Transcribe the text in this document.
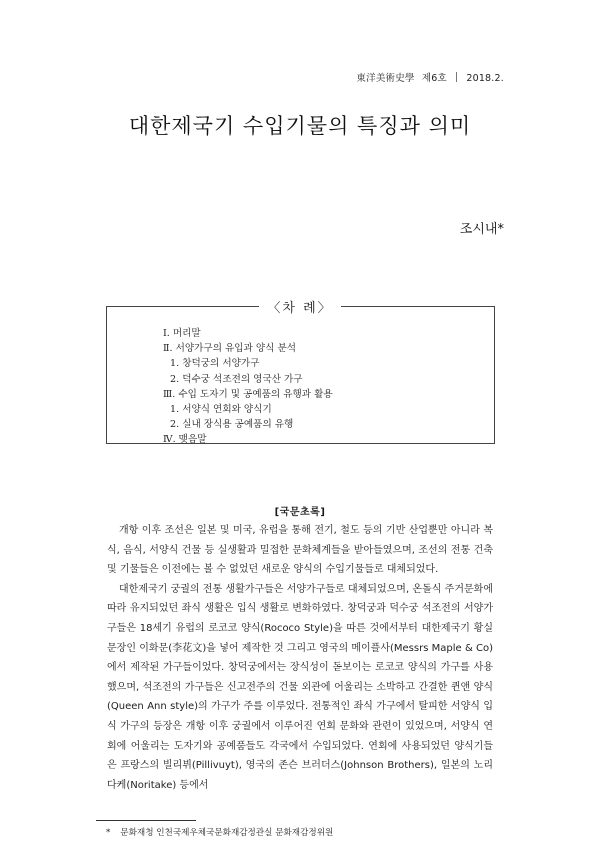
東洋美術史學 제6호 2018.2.
대한제국기 수입기물의 특징과 의미
조시내*
〈차 례〉
Ⅰ. 머리말
Ⅱ. 서양가구의 유입과 양식 분석
1. 창덕궁의 서양가구
2. 덕수궁 석조전의 영국산 가구
Ⅲ. 수입 도자기 및 공예품의 유행과 활용
1. 서양식 연회와 양식기
2. 실내 장식용 공예품의 유행
Ⅳ. 맺음말
[국문초록]

개항 이후 조선은 일본 및 미국, 유럽을 통해 전기, 철도 등의 기반 산업뿐만 아니라 복식, 음식, 서양식 건물 등 실생활과 밀접한 문화체계들을 받아들였으며, 조선의 전통 건축 및 기물들은 이전에는 볼 수 없었던 새로운 양식의 수입기물들로 대체되었다.

대한제국기 궁궐의 전통 생활가구들은 서양가구들로 대체되었으며, 온돌식 주거문화에 따라 유지되었던 좌식 생활은 입식 생활로 변화하였다. 창덕궁과 덕수궁 석조전의 서양가구들은 18세기 유럽의 로코코 양식(Rococo Style)을 따른 것에서부터 대한제국기 황실문장인 이화문(李花文)을 넣어 제작한 것 그리고 영국의 메이플사(Messrs Maple & Co)에서 제작된 가구들이었다. 창덕궁에서는 장식성이 돋보이는 로코코 양식의 가구를 사용했으며, 석조전의 가구들은 신고전주의 건물 외관에 어울리는 소박하고 간결한 퀸앤 양식(Queen Ann style)의 가구가 주를 이루었다. 전통적인 좌식 가구에서 탈피한 서양식 입식 가구의 등장은 개항 이후 궁궐에서 이루어진 연회 문화와 관련이 있었으며, 서양식 연회에 어울리는 도자기와 공예품들도 각국에서 수입되었다. 연회에 사용되었던 양식기들은 프랑스의 빌리뷔(Pillivuyt), 영국의 존슨 브러더스(Johnson Brothers), 일본의 노리다케(Noritake) 등에서

* 문화재청 인천국제우체국문화재감정관실 문화재감정위원
